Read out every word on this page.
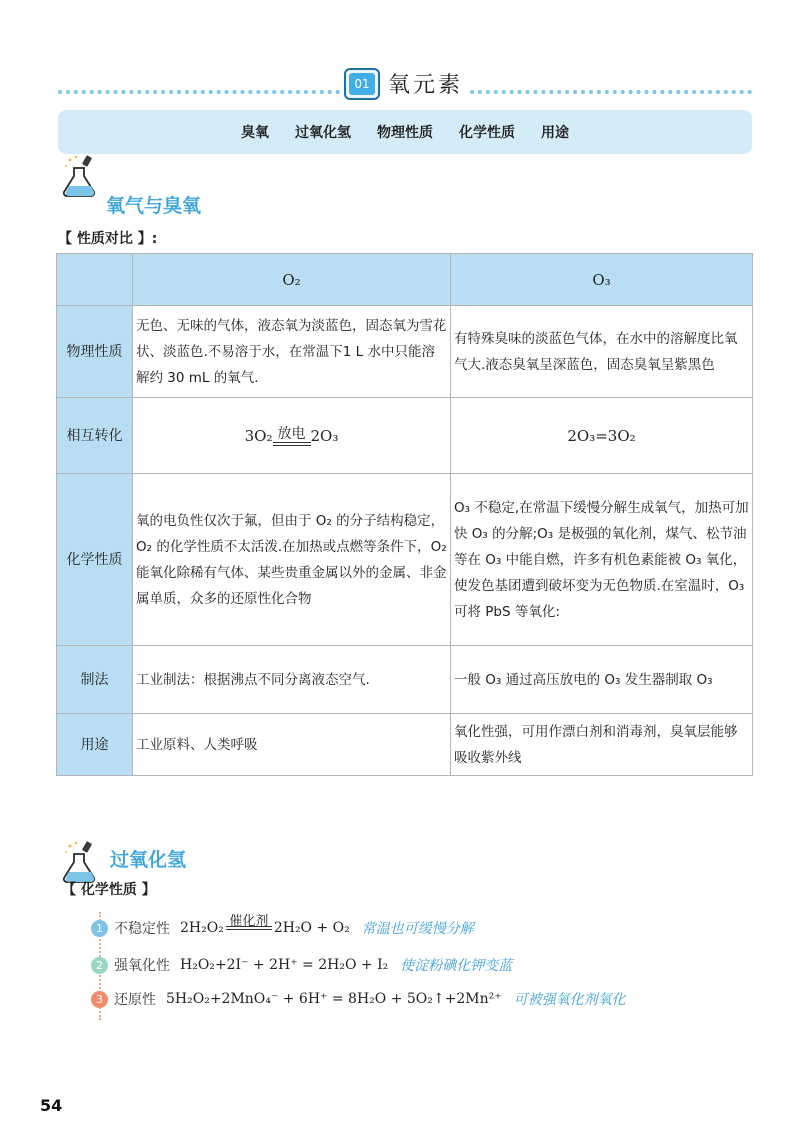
01 氧元素
臭氧 过氧化氢 物理性质 化学性质 用途
氧气与臭氧
【 性质对比 】:
	O₂	O₃
物理性质	无色、无味的气体，液态氧为淡蓝色，固态氧为雪花状、淡蓝色.不易溶于水，在常温下1 L 水中只能溶解约 30 mL 的氧气.	有特殊臭味的淡蓝色气体，在水中的溶解度比氧气大.液态臭氧呈深蓝色，固态臭氧呈紫黑色
相互转化	3O₂ 放电 2O₃	2O₃=3O₂
化学性质	氧的电负性仅次于氟，但由于 O₂ 的分子结构稳定，O₂ 的化学性质不太活泼.在加热或点燃等条件下，O₂ 能氧化除稀有气体、某些贵重金属以外的金属、非金属单质，众多的还原性化合物	O₃ 不稳定,在常温下缓慢分解生成氧气，加热可加快 O₃ 的分解;O₃ 是极强的氧化剂，煤气、松节油等在 O₃ 中能自燃，许多有机色素能被 O₃ 氧化，使发色基团遭到破坏变为无色物质.在室温时，O₃ 可将 PbS 等氧化:
制法	工业制法：根据沸点不同分离液态空气.	一般 O₃ 通过高压放电的 O₃ 发生器制取 O₃
用途	工业原料、人类呼吸	氧化性强，可用作漂白剂和消毒剂，臭氧层能够吸收紫外线
过氧化氢
【 化学性质 】
1 不稳定性 2H₂O₂ 催化剂 2H₂O + O₂ 常温也可缓慢分解
2 强氧化性 H₂O₂+2I⁻ + 2H⁺ = 2H₂O + I₂ 使淀粉碘化钾变蓝
3 还原性 5H₂O₂+2MnO₄⁻ + 6H⁺ = 8H₂O + 5O₂↑+2Mn²⁺ 可被强氧化剂氧化
54
